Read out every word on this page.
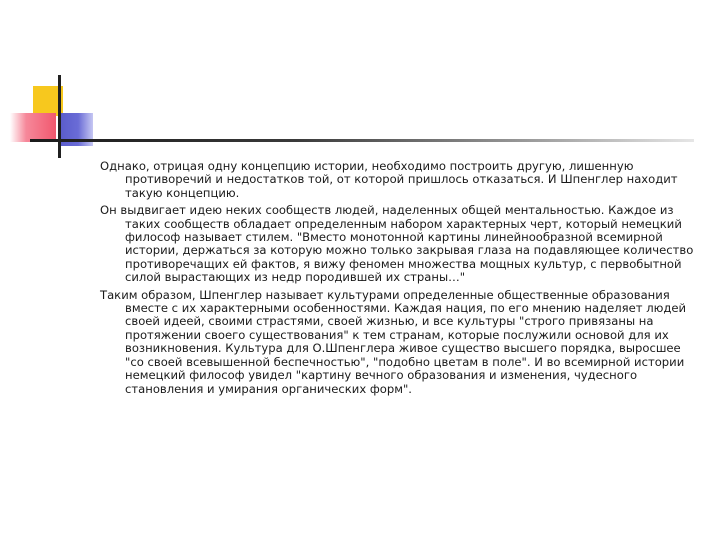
Однако, отрицая одну концепцию истории, необходимо построить другую, лишенную противоречий и недостатков той, от которой пришлось отказаться. И Шпенглер находит такую концепцию.

Он выдвигает идею неких сообществ людей, наделенных общей ментальностью. Каждое из таких сообществ обладает определенным набором характерных черт, который немецкий философ называет стилем. "Вместо монотонной картины линейнообразной всемирной истории, держаться за которую можно только закрывая глаза на подавляющее количество противоречащих ей фактов, я вижу феномен множества мощных культур, с первобытной силой вырастающих из недр породившей их страны…"

Таким образом, Шпенглер называет культурами определенные общественные образования вместе с их характерными особенностями. Каждая нация, по его мнению наделяет людей своей идеей, своими страстями, своей жизнью, и все культуры "строго привязаны на протяжении своего существования" к тем странам, которые послужили основой для их возникновения. Культура для О.Шпенглера живое существо высшего порядка, выросшее "со своей всевышенной беспечностью", "подобно цветам в поле". И во всемирной истории немецкий философ увидел "картину вечного образования и изменения, чудесного становления и умирания органических форм".
